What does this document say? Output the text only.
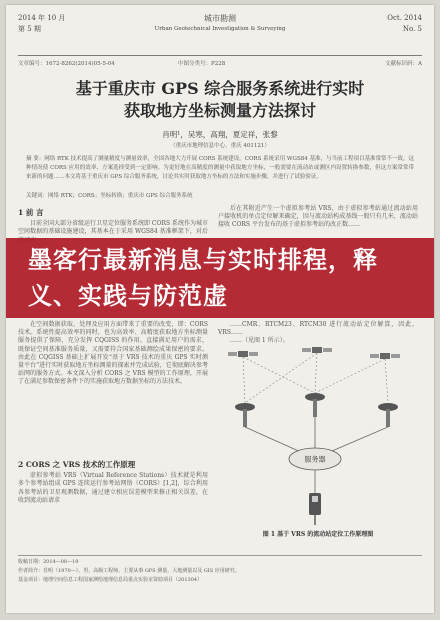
2014 年 10 月
第 5 期
城市勘测
Urban Geotechnical Investigation & Surveying
Oct. 2014
No. 5
文章编号：1672-8262(2014)05-5-04	中图分类号：P228	文献标识码：A
基于重庆市 GPS 综合服务系统进行实时
获取地方坐标测量方法探讨
肖明¹，吴寒，高翔，夏定祥，张黎
（重庆市地理信息中心，重庆 401121）
摘 要：网络 RTK 技术提高了测量精度与测量效率，全国各地大力开展 CORS 系统建设。CORS 系统采用 WGS84 基准，与当前工程项目基准常常不一致，这种情况使 CORS 应用的效率、方案选择受到一定影响。为更好地在高精度的测量中获取地方坐标，一般需要在流动站或测区内设置转换参数，但这方案常常带来新的问题……本文将基于重庆市 GPS 综合服务系统，讨论其实时获取地方坐标的方法和实施步骤，并进行了试验验证。
关键词：网络 RTK；CORS；坐标转换；重庆市 GPS 综合服务系统
1 前 言

目前全国大部分省级运行卫星定位服务系统即 CORS 系统作为城市空间数据的基础设施建设，其基本在于采用 WGS84 基准框架下，对后

后在其附近产生一个虚拟参考站 VRS，由于虚拟参考站通过流动站用户接收机的单点定位解来确定，因与流动站构成基线一般只有几米，流动站接收 CORS 平台发布的基于虚拟参考站的改正数……

墨客行最新消息与实时排程，释义、实践与防范虚

在空间数据获取、处理及应用方面带来了重要的改变，即：CORS 技术。系统性提高效率的同时，也为高效率、高精度获取地方坐标测量服务提供了保障，充分发挥 CQGISS 的作用，直接满足用户的需求，既保证空间基准服务质量，又需要符合国家基础测绘成果保密的要求。由此在 CQGISS 基础上扩展开发“基于 VRS 技术的重庆 GPS 实时测量平台”进行实时获取地方坐标测量的探索并完成试验，它彻底解决参考站网的服务方式。本文深入分析 CORS 之 VRS 模型的工作原理，开展了在满足参数保密条件下的实施获取地方数据坐标的方法技术。

……CMR、RTCM23、RTCM30 进行流动站定位解算，因此，VRS……

……（见图 1 所示）。

服务器
图 1 基于 VRS 的流动站定位工作原理图
2 CORS 之 VRS 技术的工作原理

虚拟参考站 VRS（Virtual Reference Stations）技术就是利用多个参考站组成 GPS 连续运行参考站网络（CORS）[1,2]，综合利用各参考站的卫星观测数据，通过建立相应误差模型来修正相关误差，在收到流动站请求

收稿日期：2014—08—19
作者简介：肖明（1970—），男，高级工程师，主要从事 GPS 测量，大地测量以及 GIS 应用研究。
基金项目：地理空间信息工程国家测绘地理信息局重点实验室资助项目（201304）
